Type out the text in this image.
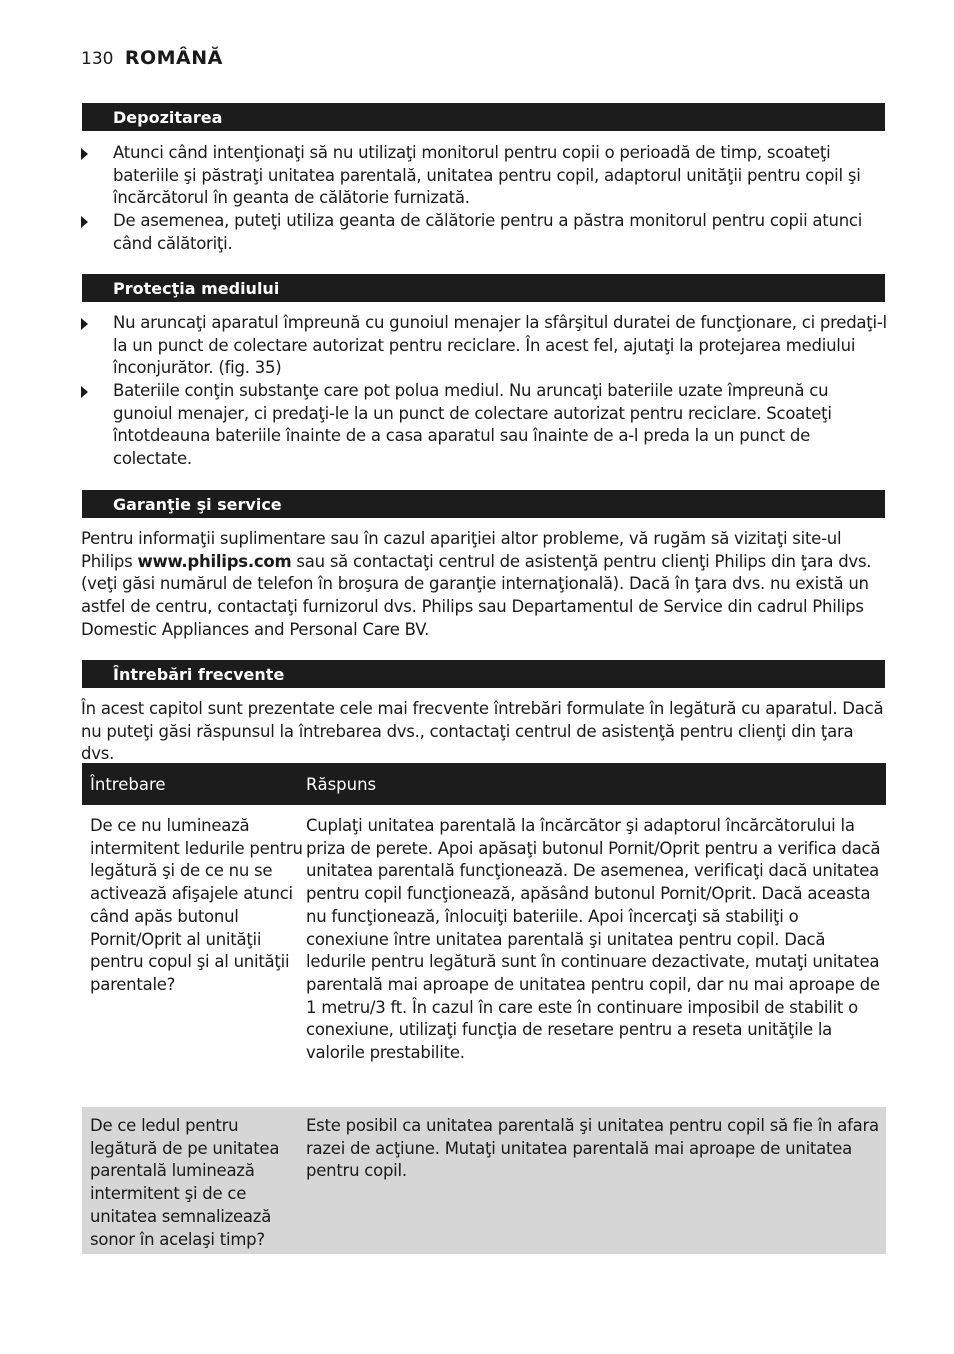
130 ROMÂNĂ
Depozitarea
Atunci când intenţionaţi să nu utilizaţi monitorul pentru copii o perioadă de timp, scoateţi bateriile şi păstraţi unitatea parentală, unitatea pentru copil, adaptorul unităţii pentru copil şi încărcătorul în geanta de călătorie furnizată.
De asemenea, puteţi utiliza geanta de călătorie pentru a păstra monitorul pentru copii atunci când călătoriţi.
Protecţia mediului
Nu aruncaţi aparatul împreună cu gunoiul menajer la sfârşitul duratei de funcţionare, ci predaţi-l la un punct de colectare autorizat pentru reciclare. În acest fel, ajutaţi la protejarea mediului înconjurător. (fig. 35)
Bateriile conţin substanţe care pot polua mediul. Nu aruncaţi bateriile uzate împreună cu gunoiul menajer, ci predaţi-le la un punct de colectare autorizat pentru reciclare. Scoateţi întotdeauna bateriile înainte de a casa aparatul sau înainte de a-l preda la un punct de colectate.
Garanţie şi service
Pentru informaţii suplimentare sau în cazul apariţiei altor probleme, vă rugăm să vizitaţi site-ul Philips www.philips.com sau să contactaţi centrul de asistenţă pentru clienţi Philips din ţara dvs. (veţi găsi numărul de telefon în broşura de garanţie internaţională). Dacă în ţara dvs. nu există un astfel de centru, contactaţi furnizorul dvs. Philips sau Departamentul de Service din cadrul Philips Domestic Appliances and Personal Care BV.
Întrebări frecvente
În acest capitol sunt prezentate cele mai frecvente întrebări formulate în legătură cu aparatul. Dacă nu puteţi găsi răspunsul la întrebarea dvs., contactaţi centrul de asistenţă pentru clienţi din ţara dvs.
Întrebare	Răspuns
De ce nu luminează intermitent ledurile pentru legătură şi de ce nu se activează afişajele atunci când apăs butonul Pornit/Oprit al unităţii pentru copul şi al unităţii parentale?
Cuplaţi unitatea parentală la încărcător şi adaptorul încărcătorului la priza de perete. Apoi apăsaţi butonul Pornit/Oprit pentru a verifica dacă unitatea parentală funcţionează. De asemenea, verificaţi dacă unitatea pentru copil funcţionează, apăsând butonul Pornit/Oprit. Dacă aceasta nu funcţionează, înlocuiţi bateriile. Apoi încercaţi să stabiliţi o conexiune între unitatea parentală şi unitatea pentru copil. Dacă ledurile pentru legătură sunt în continuare dezactivate, mutaţi unitatea parentală mai aproape de unitatea pentru copil, dar nu mai aproape de 1 metru/3 ft. În cazul în care este în continuare imposibil de stabilit o conexiune, utilizaţi funcţia de resetare pentru a reseta unităţile la valorile prestabilite.
De ce ledul pentru legătură de pe unitatea parentală luminează intermitent şi de ce unitatea semnalizează sonor în acelaşi timp?
Este posibil ca unitatea parentală şi unitatea pentru copil să fie în afara razei de acţiune. Mutaţi unitatea parentală mai aproape de unitatea pentru copil.
